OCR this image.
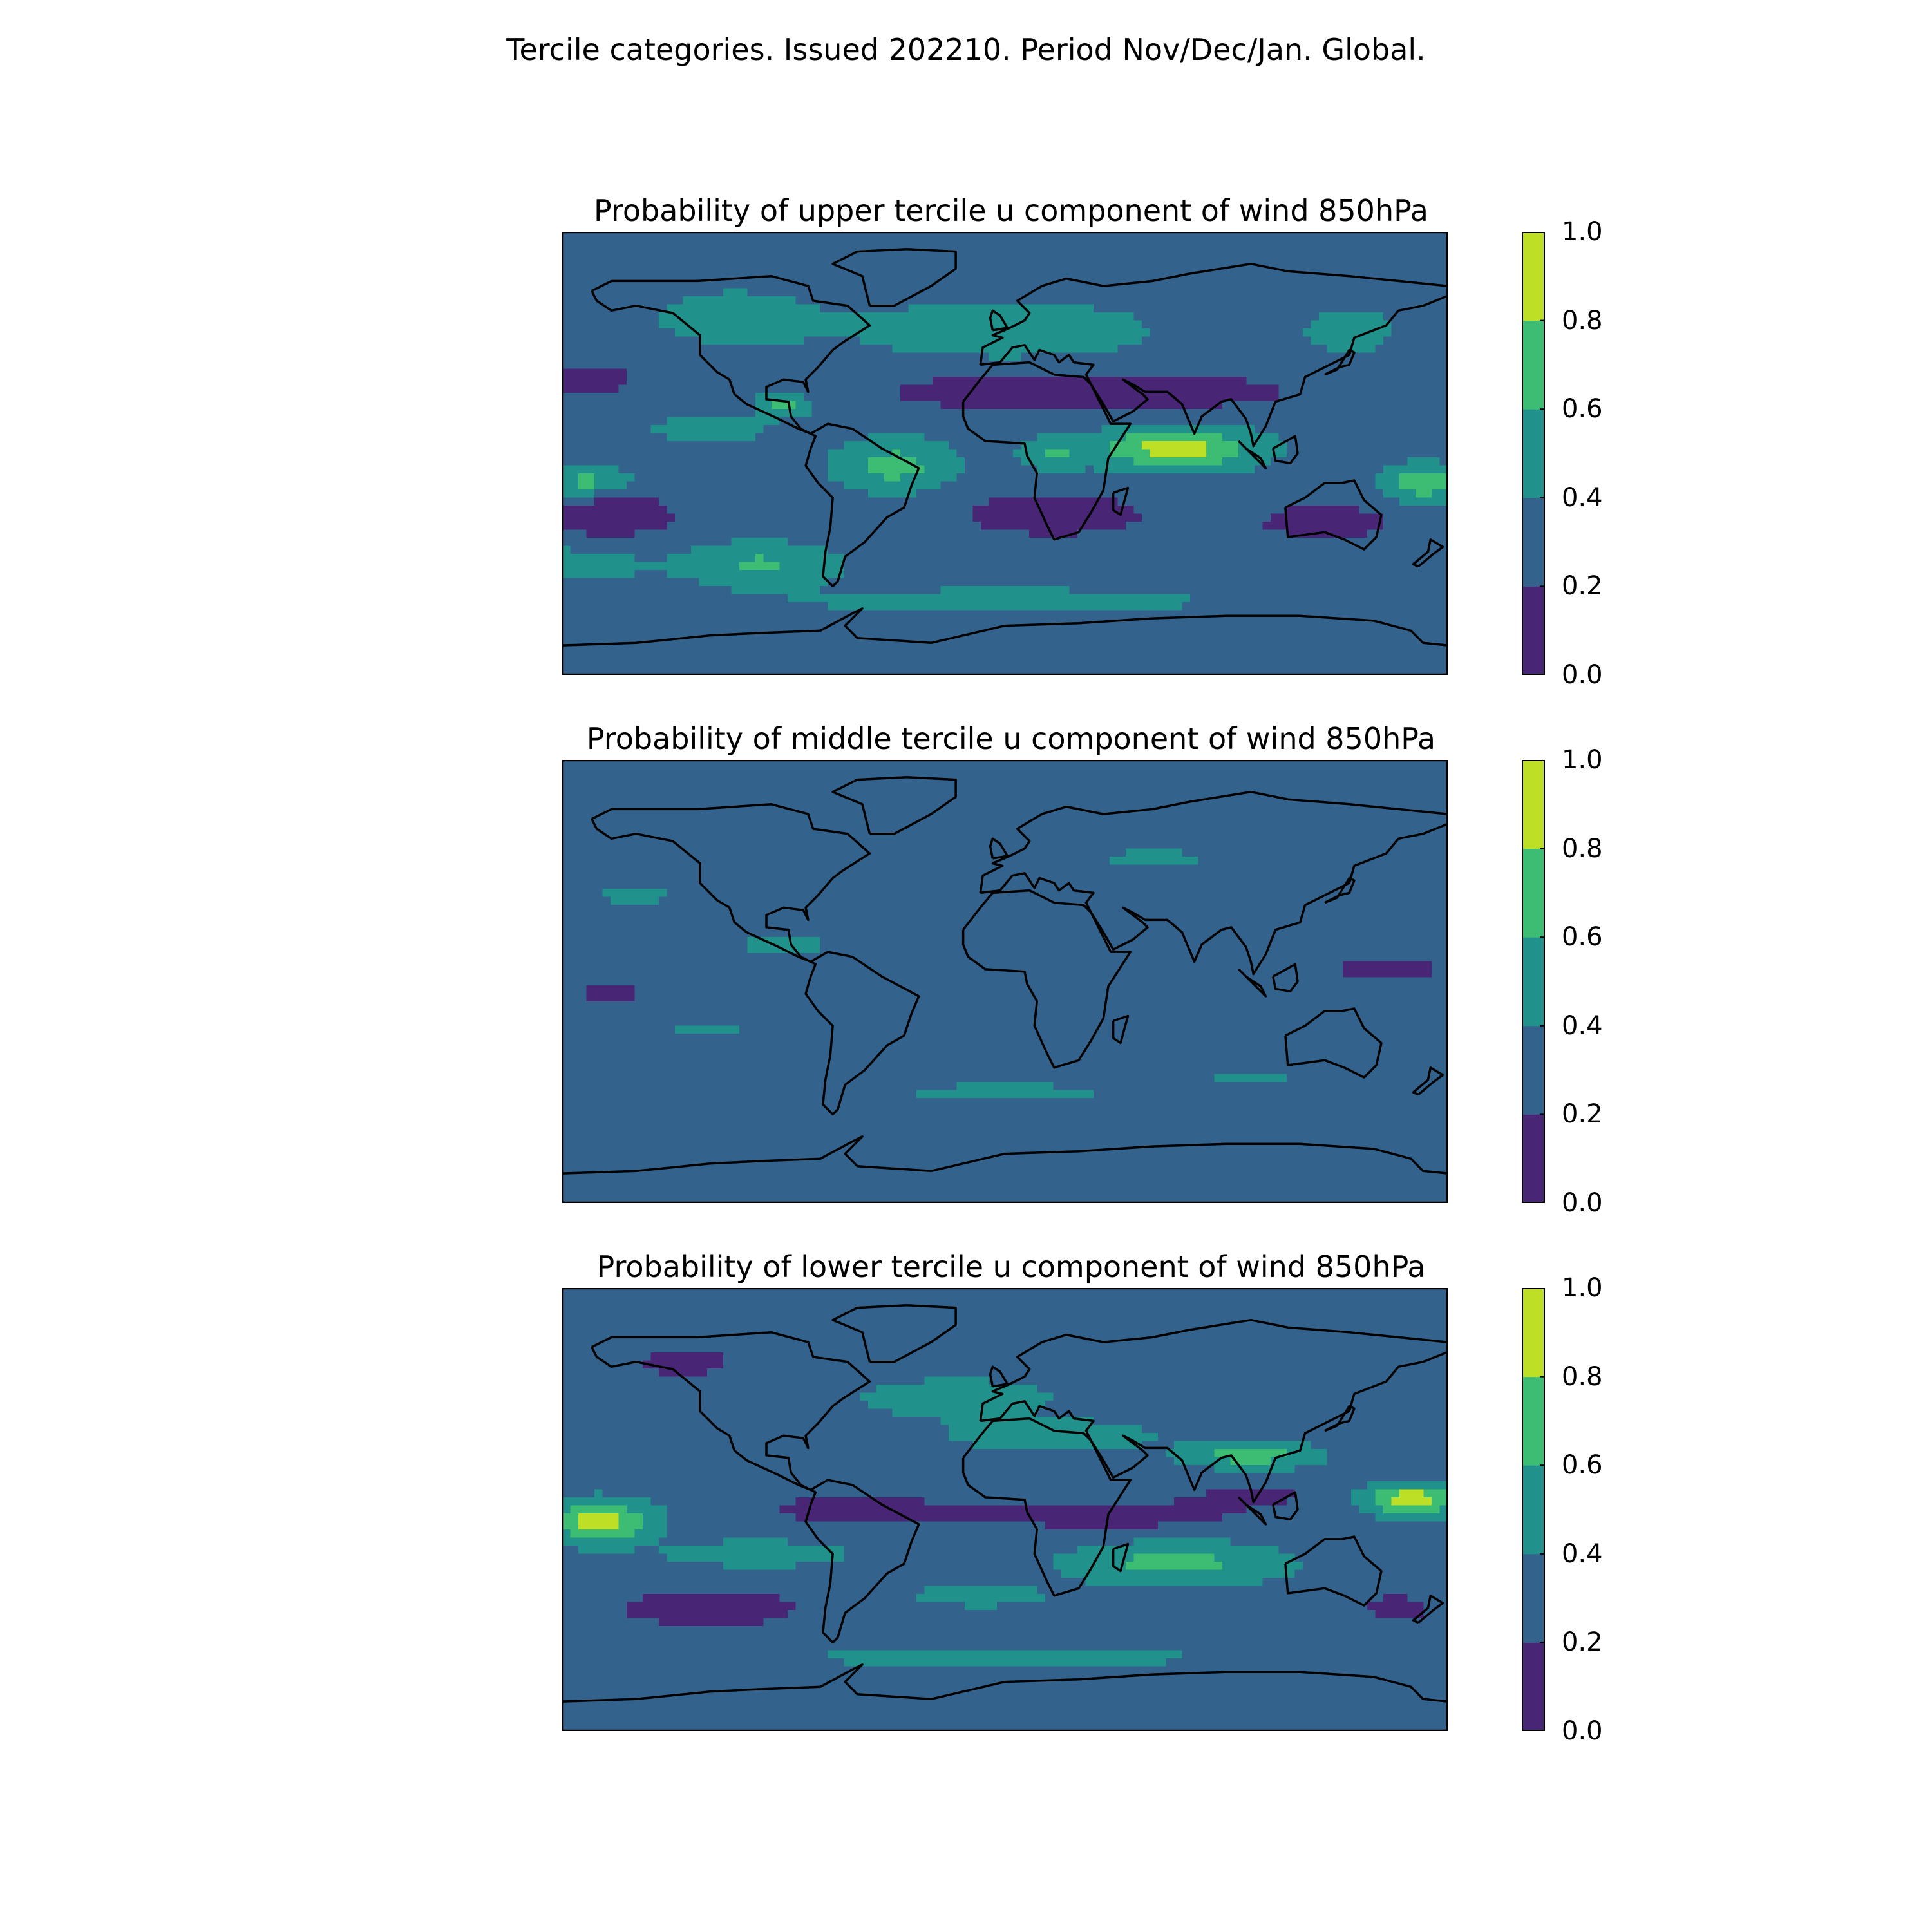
Tercile categories. Issued 202210. Period Nov/Dec/Jan. Global.
Probability of upper tercile u component of wind 850hPa
0.0
0.2
0.4
0.6
0.8
1.0
Probability of middle tercile u component of wind 850hPa
0.0
0.2
0.4
0.6
0.8
1.0
Probability of lower tercile u component of wind 850hPa
0.0
0.2
0.4
0.6
0.8
1.0
